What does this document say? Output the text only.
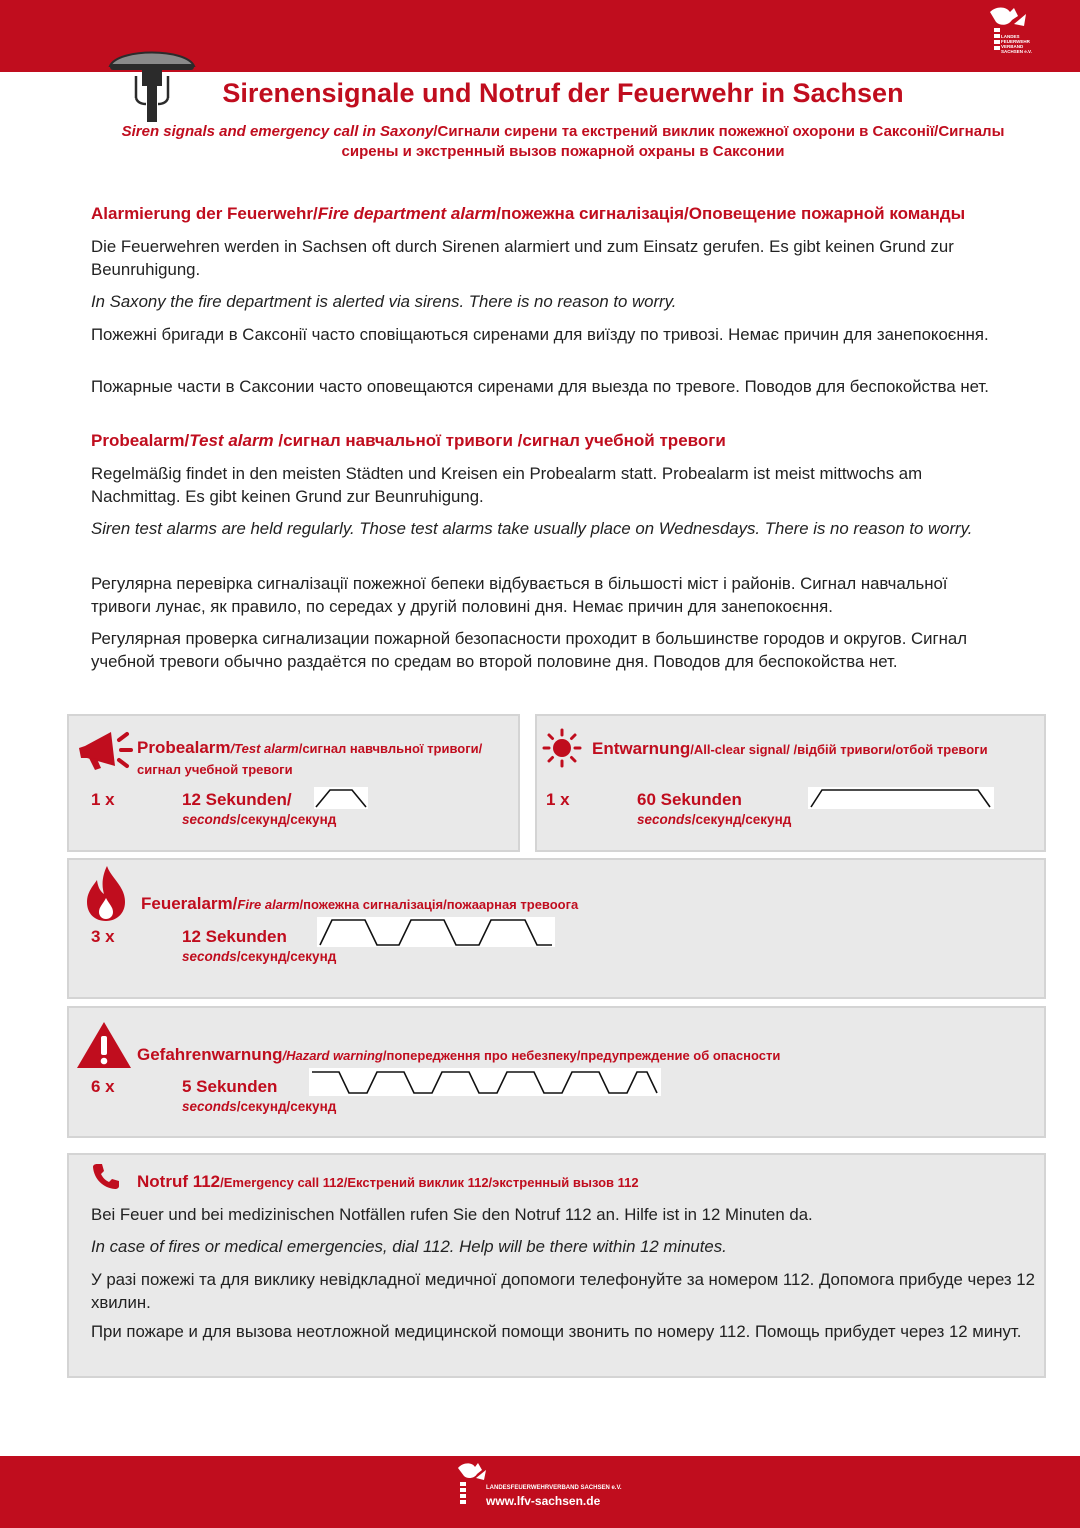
LANDES
FEUERWEHR
VERBAND
SACHSEN e.V.
Sirenensignale und Notruf der Feuerwehr in Sachsen
Siren signals and emergency call in Saxony/Сигнали сирени та екстрений виклик пожежної охорони в Саксонії/Сигналы сирены и экстренный вызов пожарной охраны в Саксонии
Alarmierung der Feuerwehr/Fire department alarm/пожежна сигналізація/Оповещение пожарной команды
Die Feuerwehren werden in Sachsen oft durch Sirenen alarmiert und zum Einsatz gerufen. Es gibt keinen Grund zur Beunruhigung.
In Saxony the fire department is alerted via sirens. There is no reason to worry.
Пожежні бригади в Саксонії часто сповіщаються сиренами для виїзду по тривозі. Немає причин для занепокоєння.
Пожарные части в Саксонии часто оповещаются сиренами для выезда по тревоге. Поводов для беспокойства нет.
Probealarm/Test alarm /сигнал навчальної тривоги /сигнал учебной тревоги
Regelmäßig findet in den meisten Städten und Kreisen ein Probealarm statt. Probealarm ist meist mittwochs am Nachmittag. Es gibt keinen Grund zur Beunruhigung.
Siren test alarms are held regularly. Those test alarms take usually place on Wednesdays. There is no reason to worry.
Регулярна перевірка сигналізації пожежної бепеки відбувається в більшості міст і районів. Сигнал навчальної тривоги лунає, як правило, по середах у другій половині дня. Немає причин для занепокоєння.
Регулярная проверка сигнализации пожарной безопасности проходит в большинстве городов и округов. Сигнал учебной тревоги обычно раздаётся по средам во второй половине дня. Поводов для беспокойства нет.
Probealarm/Test alarm/сигнал навчвльної тривоги/
сигнал учебной тревоги
1 x	12 Sekunden/
seconds/секунд/секунд
Entwarnung/All-clear signal/ /відбій тривоги/отбой тревоги
1 x	60 Sekunden
seconds/секунд/секунд
Feueralarm/Fire alarm/пожежна сигналізація/пожаарная тревоога
3 x	12 Sekunden
seconds/секунд/секунд
Gefahrenwarnung/Hazard warning/попередження про небезпеку/предупреждение об опасности
6 x	5 Sekunden
seconds/секунд/секунд
Notruf 112/Emergency call 112/Екстрений виклик 112/экстренный вызов 112
Bei Feuer und bei medizinischen Notfällen rufen Sie den Notruf 112 an. Hilfe ist in 12 Minuten da.
In case of fires or medical emergencies, dial 112. Help will be there within 12 minutes.
У разі пожежі та для виклику невідкладної медичної допомоги телефонуйте за номером 112. Допомога прибуде через 12 хвилин.
При пожаре и для вызова неотложной медицинской помощи звонить по номеру 112. Помощь прибудет через 12 минут.
LANDESFEUERWEHRVERBAND SACHSEN e.V.
www.lfv-sachsen.de
